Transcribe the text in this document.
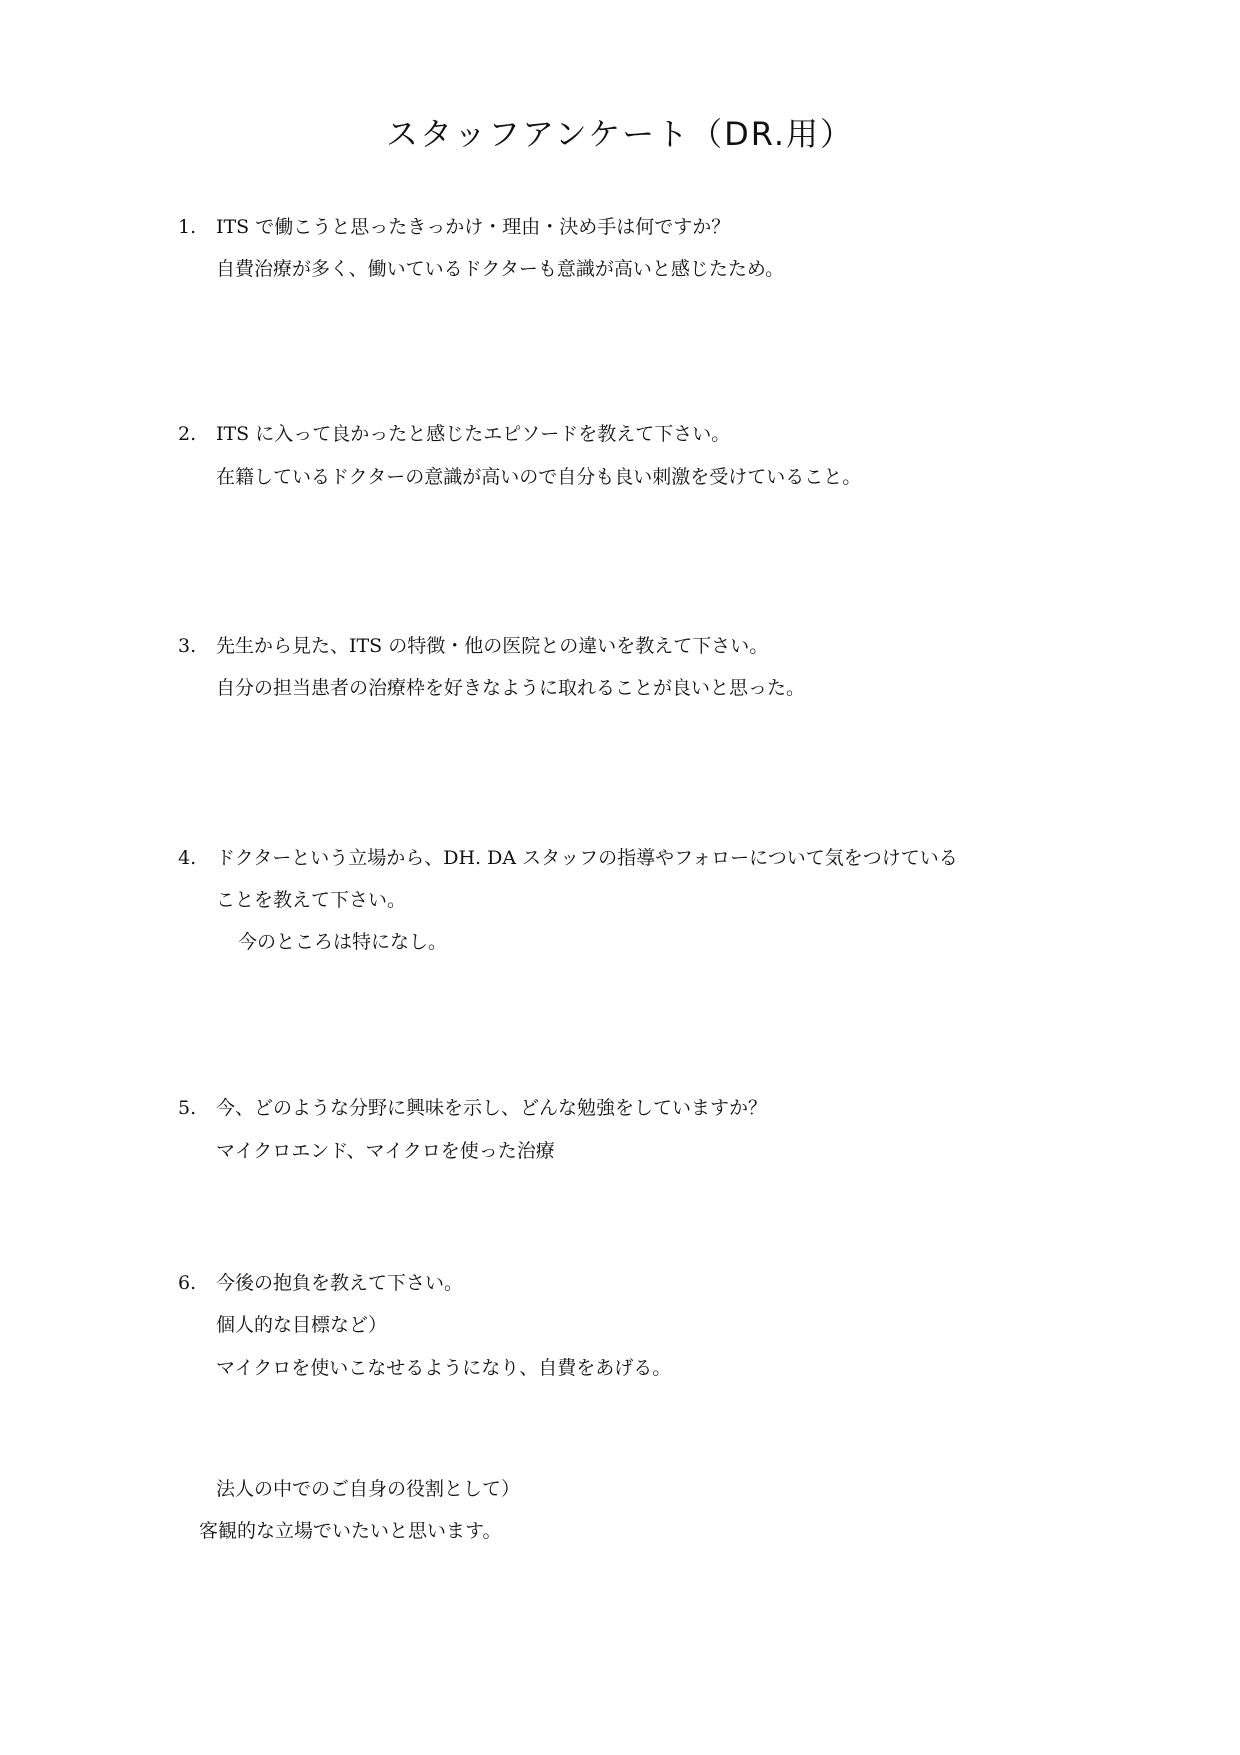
スタッフアンケート（DR.用）
1. ITS で働こうと思ったきっかけ・理由・決め手は何ですか？
自費治療が多く、働いているドクターも意識が高いと感じたため。
2. ITS に入って良かったと感じたエピソードを教えて下さい。
在籍しているドクターの意識が高いので自分も良い刺激を受けていること。
3. 先生から見た、ITS の特徴・他の医院との違いを教えて下さい。
自分の担当患者の治療枠を好きなように取れることが良いと思った。
4. ドクターという立場から、DH. DA スタッフの指導やフォローについて気をつけている
ことを教えて下さい。
今のところは特になし。
5. 今、どのような分野に興味を示し、どんな勉強をしていますか？
マイクロエンド、マイクロを使った治療
6. 今後の抱負を教えて下さい。
個人的な目標など）
マイクロを使いこなせるようになり、自費をあげる。
法人の中でのご自身の役割として）
客観的な立場でいたいと思います。
